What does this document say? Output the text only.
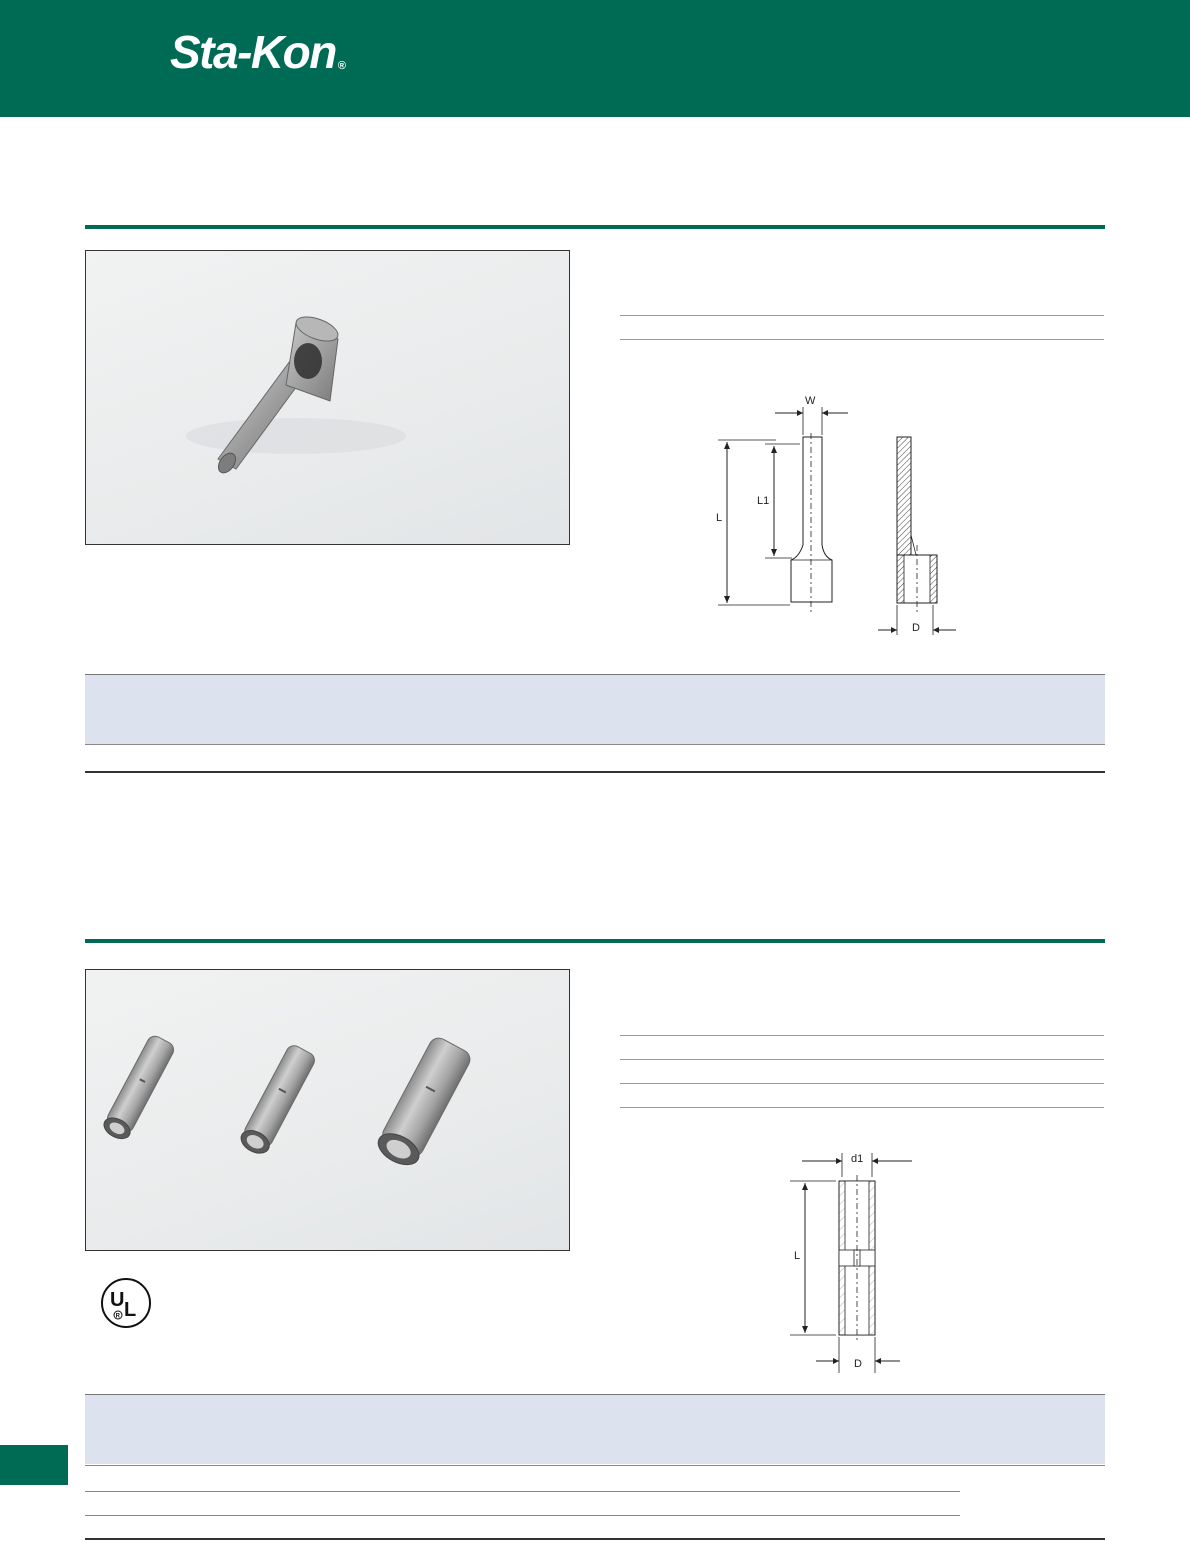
Sta-Kon ®
W
L
L1
D
d1
L
D
U L
R
